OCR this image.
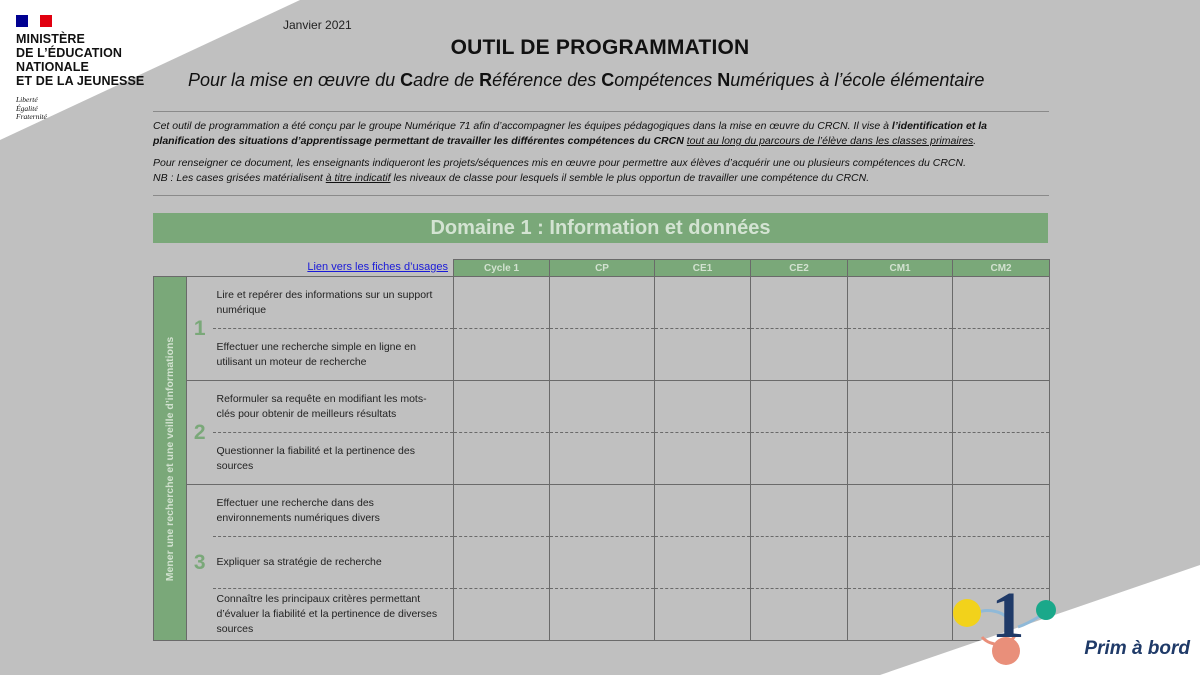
MINISTÈRE
DE L’ÉDUCATION
NATIONALE
ET DE LA JEUNESSE
Liberté
Égalité
Fraternité
Janvier 2021
OUTIL DE PROGRAMMATION
Pour la mise en œuvre du Cadre de Référence des Compétences Numériques à l’école élémentaire
Cet outil de programmation a été conçu par le groupe Numérique 71 afin d’accompagner les équipes pédagogiques dans la mise en œuvre du CRCN. Il vise à l’identification et la planification des situations d’apprentissage permettant de travailler les différentes compétences du CRCN tout au long du parcours de l’élève dans les classes primaires.
Pour renseigner ce document, les enseignants indiqueront les projets/séquences mis en œuvre pour permettre aux élèves d’acquérir une ou plusieurs compétences du CRCN.
NB : Les cases grisées matérialisent à titre indicatif les niveaux de classe pour lesquels il semble le plus opportun de travailler une compétence du CRCN.
Domaine 1 : Information et données
Lien vers les fiches d’usages
			Cycle 1	CP	CE1	CE2	CM1	CM2

Mener une recherche et une veille d’informations	1	Lire et repérer des informations sur un support numérique						
		Effectuer une recherche simple en ligne en utilisant un moteur de recherche						
	2	Reformuler sa requête en modifiant les mots-clés pour obtenir de meilleurs résultats						
		Questionner la fiabilité et la pertinence des sources						
	3	Effectuer une recherche dans des environnements numériques divers						
		Expliquer sa stratégie de recherche						
		Connaître les principaux critères permettant d’évaluer la fiabilité et la pertinence de diverses sources							1	Prim à bord
